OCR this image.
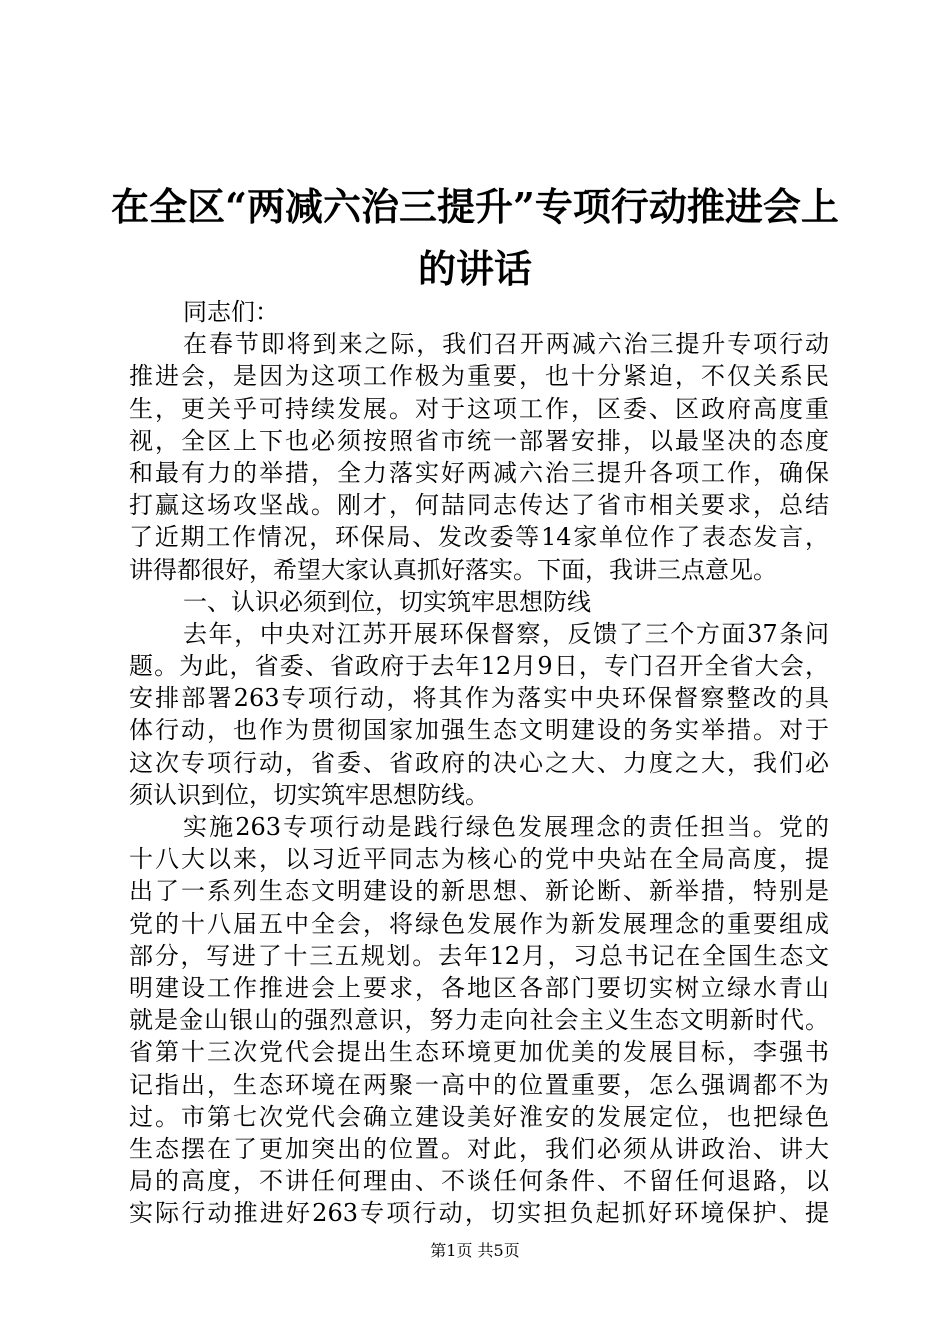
在全区“两减六治三提升”专项行动推进会上
的讲话
同志们：
在春节即将到来之际，我们召开两减六治三提升专项行动
推进会，是因为这项工作极为重要，也十分紧迫，不仅关系民
生，更关乎可持续发展。对于这项工作，区委、区政府高度重
视，全区上下也必须按照省市统一部署安排，以最坚决的态度
和最有力的举措，全力落实好两减六治三提升各项工作，确保
打赢这场攻坚战。刚才，何喆同志传达了省市相关要求，总结
了近期工作情况，环保局、发改委等14家单位作了表态发言，
讲得都很好，希望大家认真抓好落实。下面，我讲三点意见。
一、认识必须到位，切实筑牢思想防线
去年，中央对江苏开展环保督察，反馈了三个方面37条问
题。为此，省委、省政府于去年12月9日，专门召开全省大会，
安排部署263专项行动，将其作为落实中央环保督察整改的具
体行动，也作为贯彻国家加强生态文明建设的务实举措。对于
这次专项行动，省委、省政府的决心之大、力度之大，我们必
须认识到位，切实筑牢思想防线。
实施263专项行动是践行绿色发展理念的责任担当。党的
十八大以来，以习近平同志为核心的党中央站在全局高度，提
出了一系列生态文明建设的新思想、新论断、新举措，特别是
党的十八届五中全会，将绿色发展作为新发展理念的重要组成
部分，写进了十三五规划。去年12月，习总书记在全国生态文
明建设工作推进会上要求，各地区各部门要切实树立绿水青山
就是金山银山的强烈意识，努力走向社会主义生态文明新时代。
省第十三次党代会提出生态环境更加优美的发展目标，李强书
记指出，生态环境在两聚一高中的位置重要，怎么强调都不为
过。市第七次党代会确立建设美好淮安的发展定位，也把绿色
生态摆在了更加突出的位置。对此，我们必须从讲政治、讲大
局的高度，不讲任何理由、不谈任何条件、不留任何退路，以
实际行动推进好263专项行动，切实担负起抓好环境保护、提
第1页 共5页
